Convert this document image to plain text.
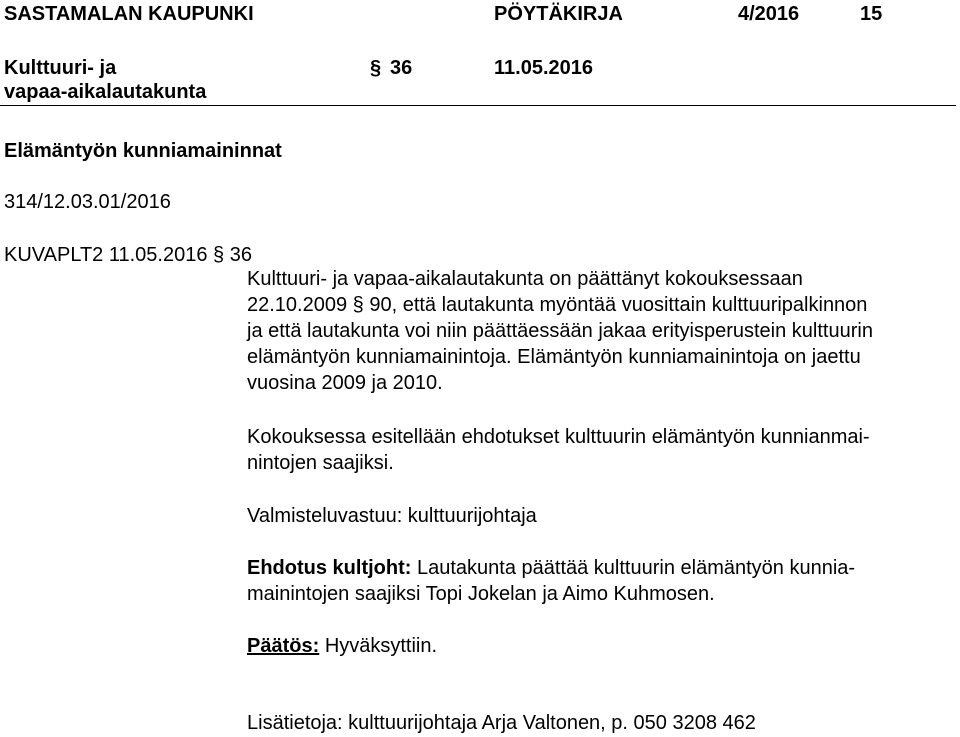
SASTAMALAN KAUPUNKI	PÖYTÄKIRJA	4/2016	15
Kulttuuri- ja
vapaa-aikalautakunta
§ 36	11.05.2016
Elämäntyön kunniamaininnat
314/12.03.01/2016
KUVAPLT2 11.05.2016 § 36
Kulttuuri- ja vapaa-aikalautakunta on päättänyt kokouksessaan
22.10.2009 § 90, että lautakunta myöntää vuosittain kulttuuripalkinnon
ja että lautakunta voi niin päättäessään jakaa erityisperustein kulttuurin
elämäntyön kunniamainintoja. Elämäntyön kunniamainintoja on jaettu
vuosina 2009 ja 2010.
Kokouksessa esitellään ehdotukset kulttuurin elämäntyön kunnianmai-
nintojen saajiksi.
Valmisteluvastuu: kulttuurijohtaja
Ehdotus kultjoht: Lautakunta päättää kulttuurin elämäntyön kunnia-
mainintojen saajiksi Topi Jokelan ja Aimo Kuhmosen.
Päätös: Hyväksyttiin.
Lisätietoja: kulttuurijohtaja Arja Valtonen, p. 050 3208 462
